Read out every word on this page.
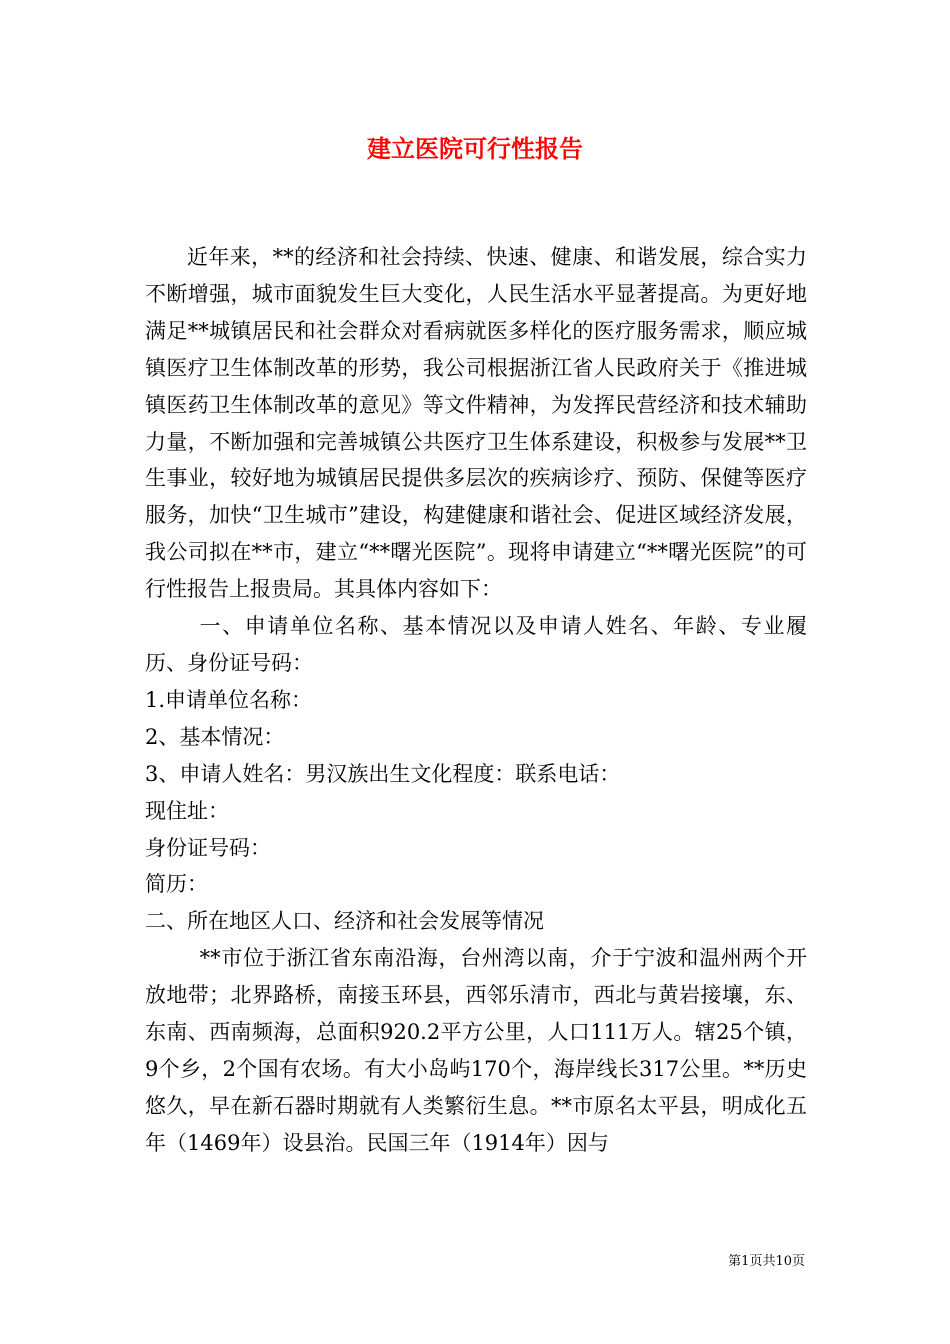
建立医院可行性报告

近年来，**的经济和社会持续、快速、健康、和谐发展，综合实力不断增强，城市面貌发生巨大变化，人民生活水平显著提高。为更好地满足**城镇居民和社会群众对看病就医多样化的医疗服务需求，顺应城镇医疗卫生体制改革的形势，我公司根据浙江省人民政府关于《推进城镇医药卫生体制改革的意见》等文件精神，为发挥民营经济和技术辅助力量，不断加强和完善城镇公共医疗卫生体系建设，积极参与发展**卫生事业，较好地为城镇居民提供多层次的疾病诊疗、预防、保健等医疗服务，加快“卫生城市”建设，构建健康和谐社会、促进区域经济发展，我公司拟在**市，建立“**曙光医院”。现将申请建立“**曙光医院”的可行性报告上报贵局。其具体内容如下：

一、申请单位名称、基本情况以及申请人姓名、年龄、专业履历、身份证号码：

1.申请单位名称：

2、基本情况：

3、申请人姓名：男汉族出生文化程度：联系电话：

现住址：

身份证号码：

简历：

二、所在地区人口、经济和社会发展等情况

**市位于浙江省东南沿海，台州湾以南，介于宁波和温州两个开放地带；北界路桥，南接玉环县，西邻乐清市，西北与黄岩接壤，东、东南、西南频海，总面积920.2平方公里，人口111万人。辖25个镇，9个乡，2个国有农场。有大小岛屿170个，海岸线长317公里。**历史悠久，早在新石器时期就有人类繁衍生息。**市原名太平县，明成化五年（1469年）设县治。民国三年（1914年）因与

第1页共10页
